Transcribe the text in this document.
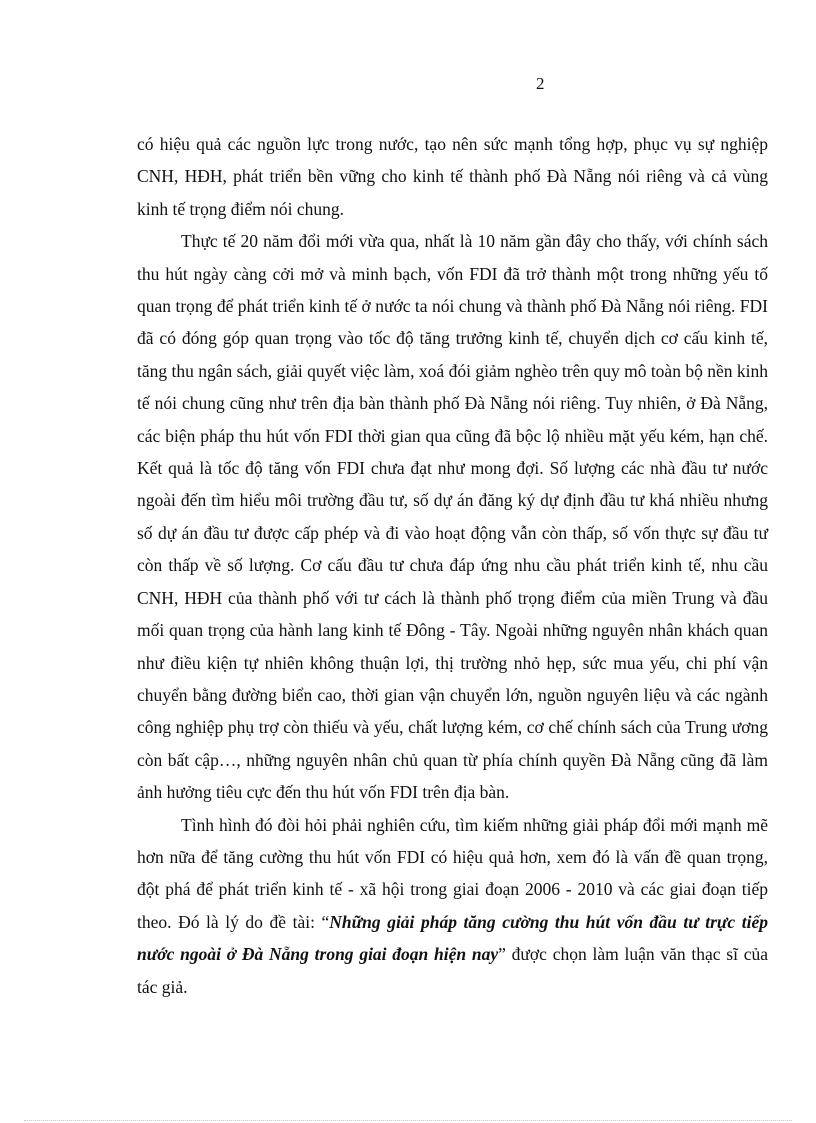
2

có hiệu quả các nguồn lực trong nước, tạo nên sức mạnh tổng hợp, phục vụ sự nghiệp CNH, HĐH, phát triển bền vững cho kinh tế thành phố Đà Nẵng nói riêng và cả vùng kinh tế trọng điểm nói chung.

Thực tế 20 năm đổi mới vừa qua, nhất là 10 năm gần đây cho thấy, với chính sách thu hút ngày càng cởi mở và minh bạch, vốn FDI đã trở thành một trong những yếu tố quan trọng để phát triển kinh tế ở nước ta nói chung và thành phố Đà Nẵng nói riêng. FDI đã có đóng góp quan trọng vào tốc độ tăng trưởng kinh tế, chuyển dịch cơ cấu kinh tế, tăng thu ngân sách, giải quyết việc làm, xoá đói giảm nghèo trên quy mô toàn bộ nền kinh tế nói chung cũng như trên địa bàn thành phố Đà Nẵng nói riêng. Tuy nhiên, ở Đà Nẵng, các biện pháp thu hút vốn FDI thời gian qua cũng đã bộc lộ nhiều mặt yếu kém, hạn chế. Kết quả là tốc độ tăng vốn FDI chưa đạt như mong đợi. Số lượng các nhà đầu tư nước ngoài đến tìm hiểu môi trường đầu tư, số dự án đăng ký dự định đầu tư khá nhiều nhưng số dự án đầu tư được cấp phép và đi vào hoạt động vẫn còn thấp, số vốn thực sự đầu tư còn thấp về số lượng. Cơ cấu đầu tư chưa đáp ứng nhu cầu phát triển kinh tế, nhu cầu CNH, HĐH của thành phố với tư cách là thành phố trọng điểm của miền Trung và đầu mối quan trọng của hành lang kinh tế Đông - Tây. Ngoài những nguyên nhân khách quan như điều kiện tự nhiên không thuận lợi, thị trường nhỏ hẹp, sức mua yếu, chi phí vận chuyển bằng đường biển cao, thời gian vận chuyển lớn, nguồn nguyên liệu và các ngành công nghiệp phụ trợ còn thiếu và yếu, chất lượng kém, cơ chế chính sách của Trung ương còn bất cập…, những nguyên nhân chủ quan từ phía chính quyền Đà Nẵng cũng đã làm ảnh hưởng tiêu cực đến thu hút vốn FDI trên địa bàn.

Tình hình đó đòi hỏi phải nghiên cứu, tìm kiếm những giải pháp đổi mới mạnh mẽ hơn nữa để tăng cường thu hút vốn FDI có hiệu quả hơn, xem đó là vấn đề quan trọng, đột phá để phát triển kinh tế - xã hội trong giai đoạn 2006 - 2010 và các giai đoạn tiếp theo. Đó là lý do đề tài: “Những giải pháp tăng cường thu hút vốn đầu tư trực tiếp nước ngoài ở Đà Nẵng trong giai đoạn hiện nay” được chọn làm luận văn thạc sĩ của tác giả.
